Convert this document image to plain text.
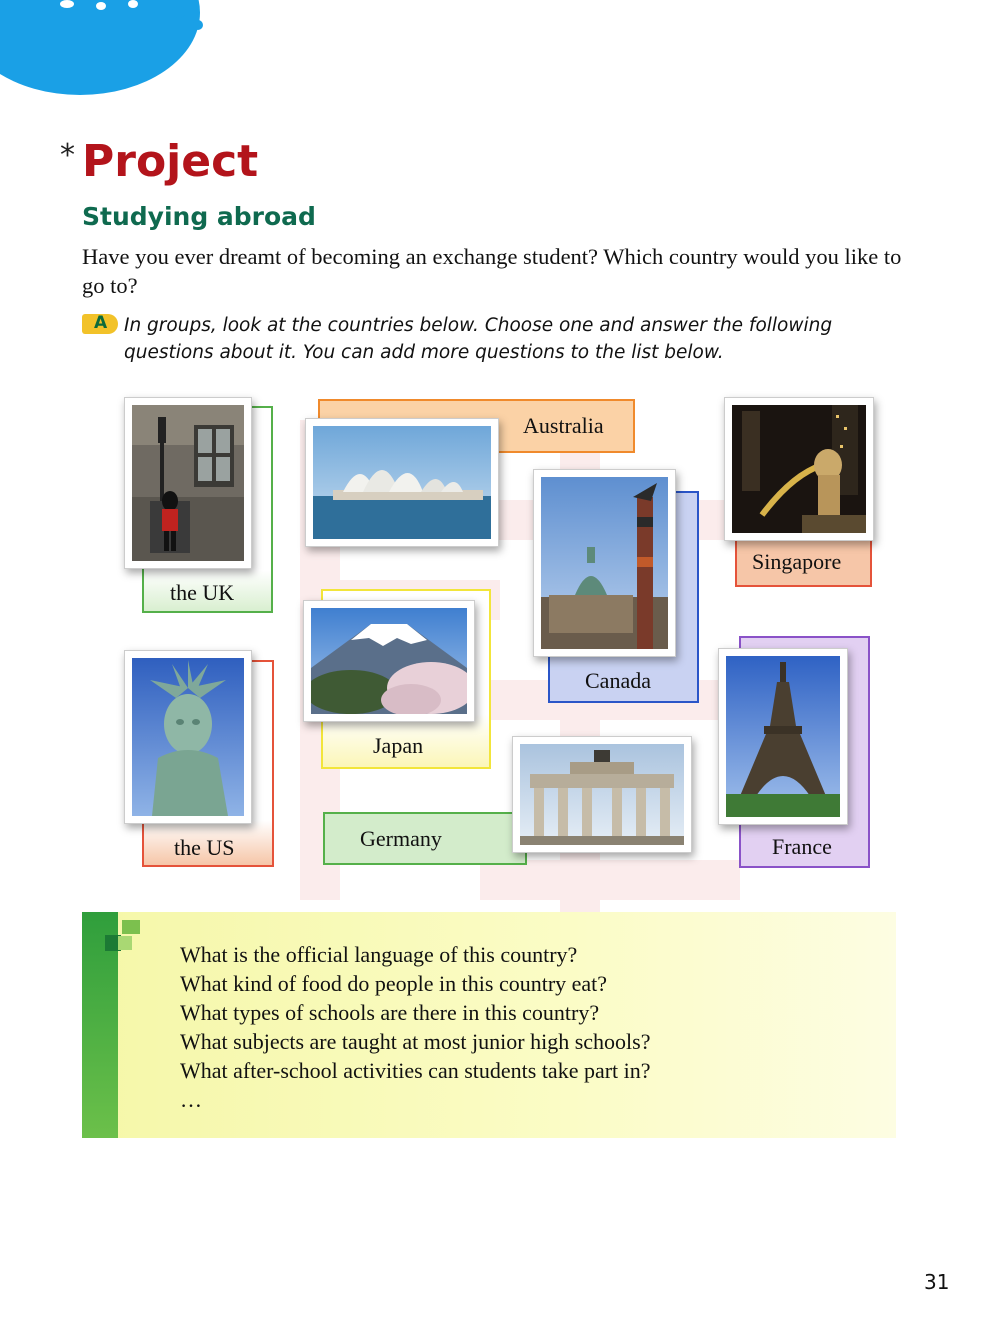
* Project
Studying abroad
Have you ever dreamt of becoming an exchange student? Which country would you like to go to?
A In groups, look at the countries below. Choose one and answer the following questions about it. You can add more questions to the list below.
the UK
Australia
Singapore
Canada
Japan
the US	Germany	France
What is the official language of this country?
What kind of food do people in this country eat?
What types of schools are there in this country?
What subjects are taught at most junior high schools?
What after-school activities can students take part in?
…
31
